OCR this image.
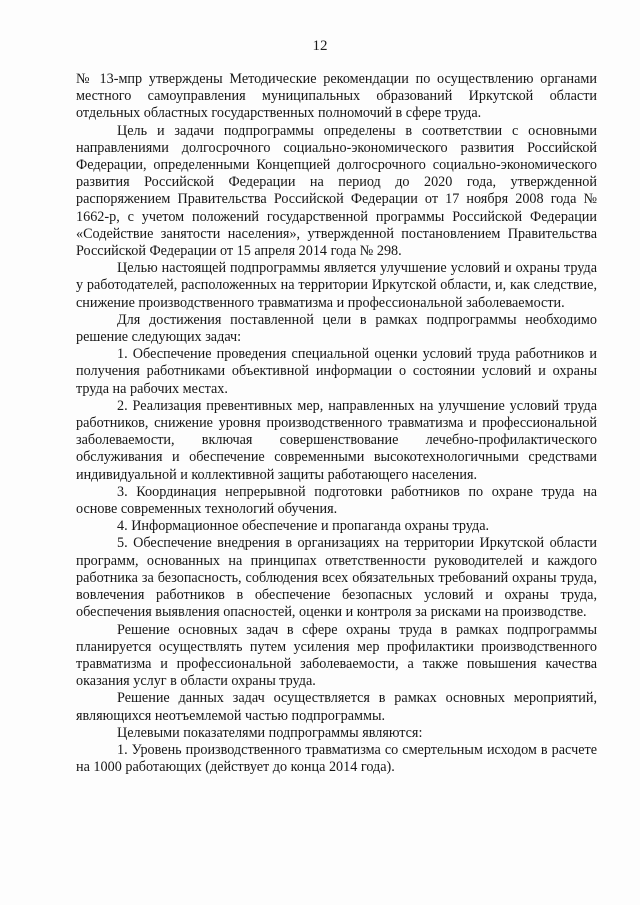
12

№ 13-мпр утверждены Методические рекомендации по осуществлению органами местного самоуправления муниципальных образований Иркутской области отдельных областных государственных полномочий в сфере труда.

Цель и задачи подпрограммы определены в соответствии с основными направлениями долгосрочного социально-экономического развития Российской Федерации, определенными Концепцией долгосрочного социально-экономического развития Российской Федерации на период до 2020 года, утвержденной распоряжением Правительства Российской Федерации от 17 ноября 2008 года № 1662-р, с учетом положений государственной программы Российской Федерации «Содействие занятости населения», утвержденной постановлением Правительства Российской Федерации от 15 апреля 2014 года № 298.

Целью настоящей подпрограммы является улучшение условий и охраны труда у работодателей, расположенных на территории Иркутской области, и, как следствие, снижение производственного травматизма и профессиональной заболеваемости.

Для достижения поставленной цели в рамках подпрограммы необходимо решение следующих задач:

1. Обеспечение проведения специальной оценки условий труда работников и получения работниками объективной информации о состоянии условий и охраны труда на рабочих местах.

2. Реализация превентивных мер, направленных на улучшение условий труда работников, снижение уровня производственного травматизма и профессиональной заболеваемости, включая совершенствование лечебно-профилактического обслуживания и обеспечение современными высокотехнологичными средствами индивидуальной и коллективной защиты работающего населения.

3. Координация непрерывной подготовки работников по охране труда на основе современных технологий обучения.

4. Информационное обеспечение и пропаганда охраны труда.

5. Обеспечение внедрения в организациях на территории Иркутской области программ, основанных на принципах ответственности руководителей и каждого работника за безопасность, соблюдения всех обязательных требований охраны труда, вовлечения работников в обеспечение безопасных условий и охраны труда, обеспечения выявления опасностей, оценки и контроля за рисками на производстве.

Решение основных задач в сфере охраны труда в рамках подпрограммы планируется осуществлять путем усиления мер профилактики производственного травматизма и профессиональной заболеваемости, а также повышения качества оказания услуг в области охраны труда.

Решение данных задач осуществляется в рамках основных мероприятий, являющихся неотъемлемой частью подпрограммы.

Целевыми показателями подпрограммы являются:

1. Уровень производственного травматизма со смертельным исходом в расчете на 1000 работающих (действует до конца 2014 года).
